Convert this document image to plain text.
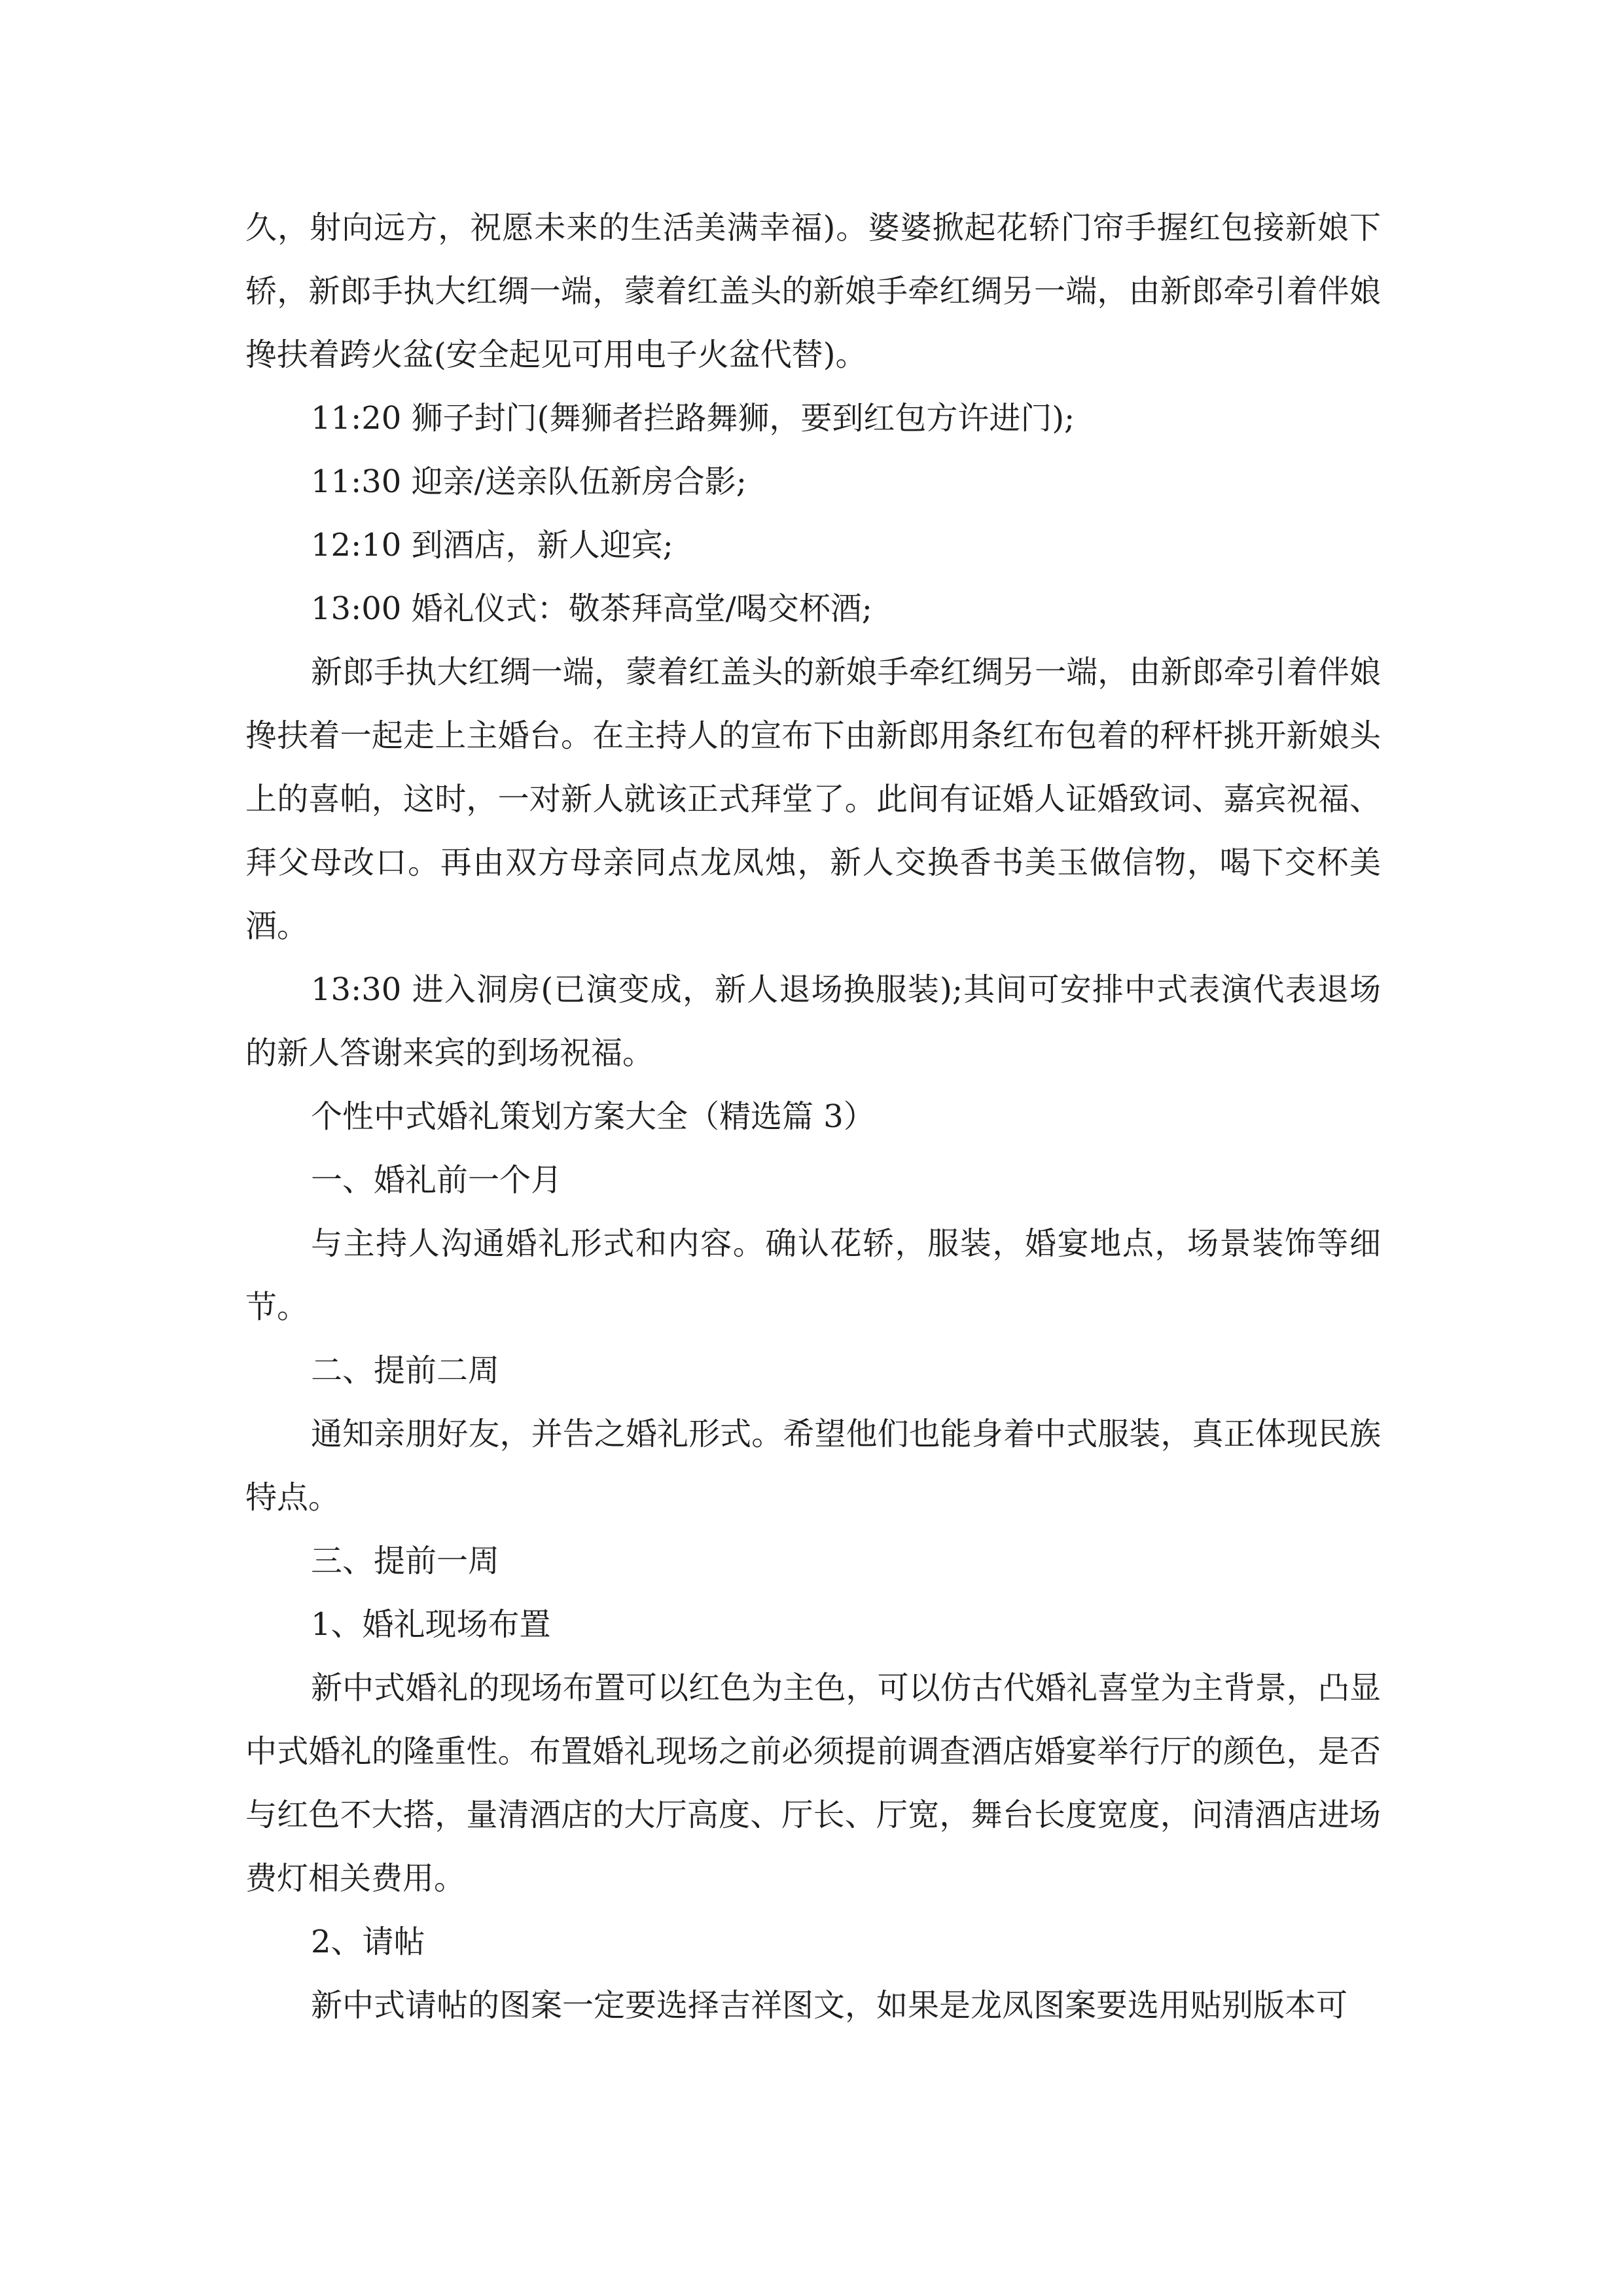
久，射向远方，祝愿未来的生活美满幸福)。婆婆掀起花轿门帘手握红包接新娘下轿，新郎手执大红绸一端，蒙着红盖头的新娘手牵红绸另一端，由新郎牵引着伴娘搀扶着跨火盆(安全起见可用电子火盆代替)。

11:20 狮子封门(舞狮者拦路舞狮，要到红包方许进门);

11:30 迎亲/送亲队伍新房合影;

12:10 到酒店，新人迎宾;

13:00 婚礼仪式：敬茶拜高堂/喝交杯酒;

新郎手执大红绸一端，蒙着红盖头的新娘手牵红绸另一端，由新郎牵引着伴娘搀扶着一起走上主婚台。在主持人的宣布下由新郎用条红布包着的秤杆挑开新娘头上的喜帕，这时，一对新人就该正式拜堂了。此间有证婚人证婚致词、嘉宾祝福、拜父母改口。再由双方母亲同点龙凤烛，新人交换香书美玉做信物，喝下交杯美酒。

13:30 进入洞房(已演变成，新人退场换服装);其间可安排中式表演代表退场的新人答谢来宾的到场祝福。

个性中式婚礼策划方案大全（精选篇 3）

一、婚礼前一个月

与主持人沟通婚礼形式和内容。确认花轿，服装，婚宴地点，场景装饰等细节。

二、提前二周

通知亲朋好友，并告之婚礼形式。希望他们也能身着中式服装，真正体现民族特点。

三、提前一周

1、婚礼现场布置

新中式婚礼的现场布置可以红色为主色，可以仿古代婚礼喜堂为主背景，凸显中式婚礼的隆重性。布置婚礼现场之前必须提前调查酒店婚宴举行厅的颜色，是否与红色不大搭，量清酒店的大厅高度、厅长、厅宽，舞台长度宽度，问清酒店进场费灯相关费用。

2、请帖

新中式请帖的图案一定要选择吉祥图文，如果是龙凤图案要选用贴别版本可
